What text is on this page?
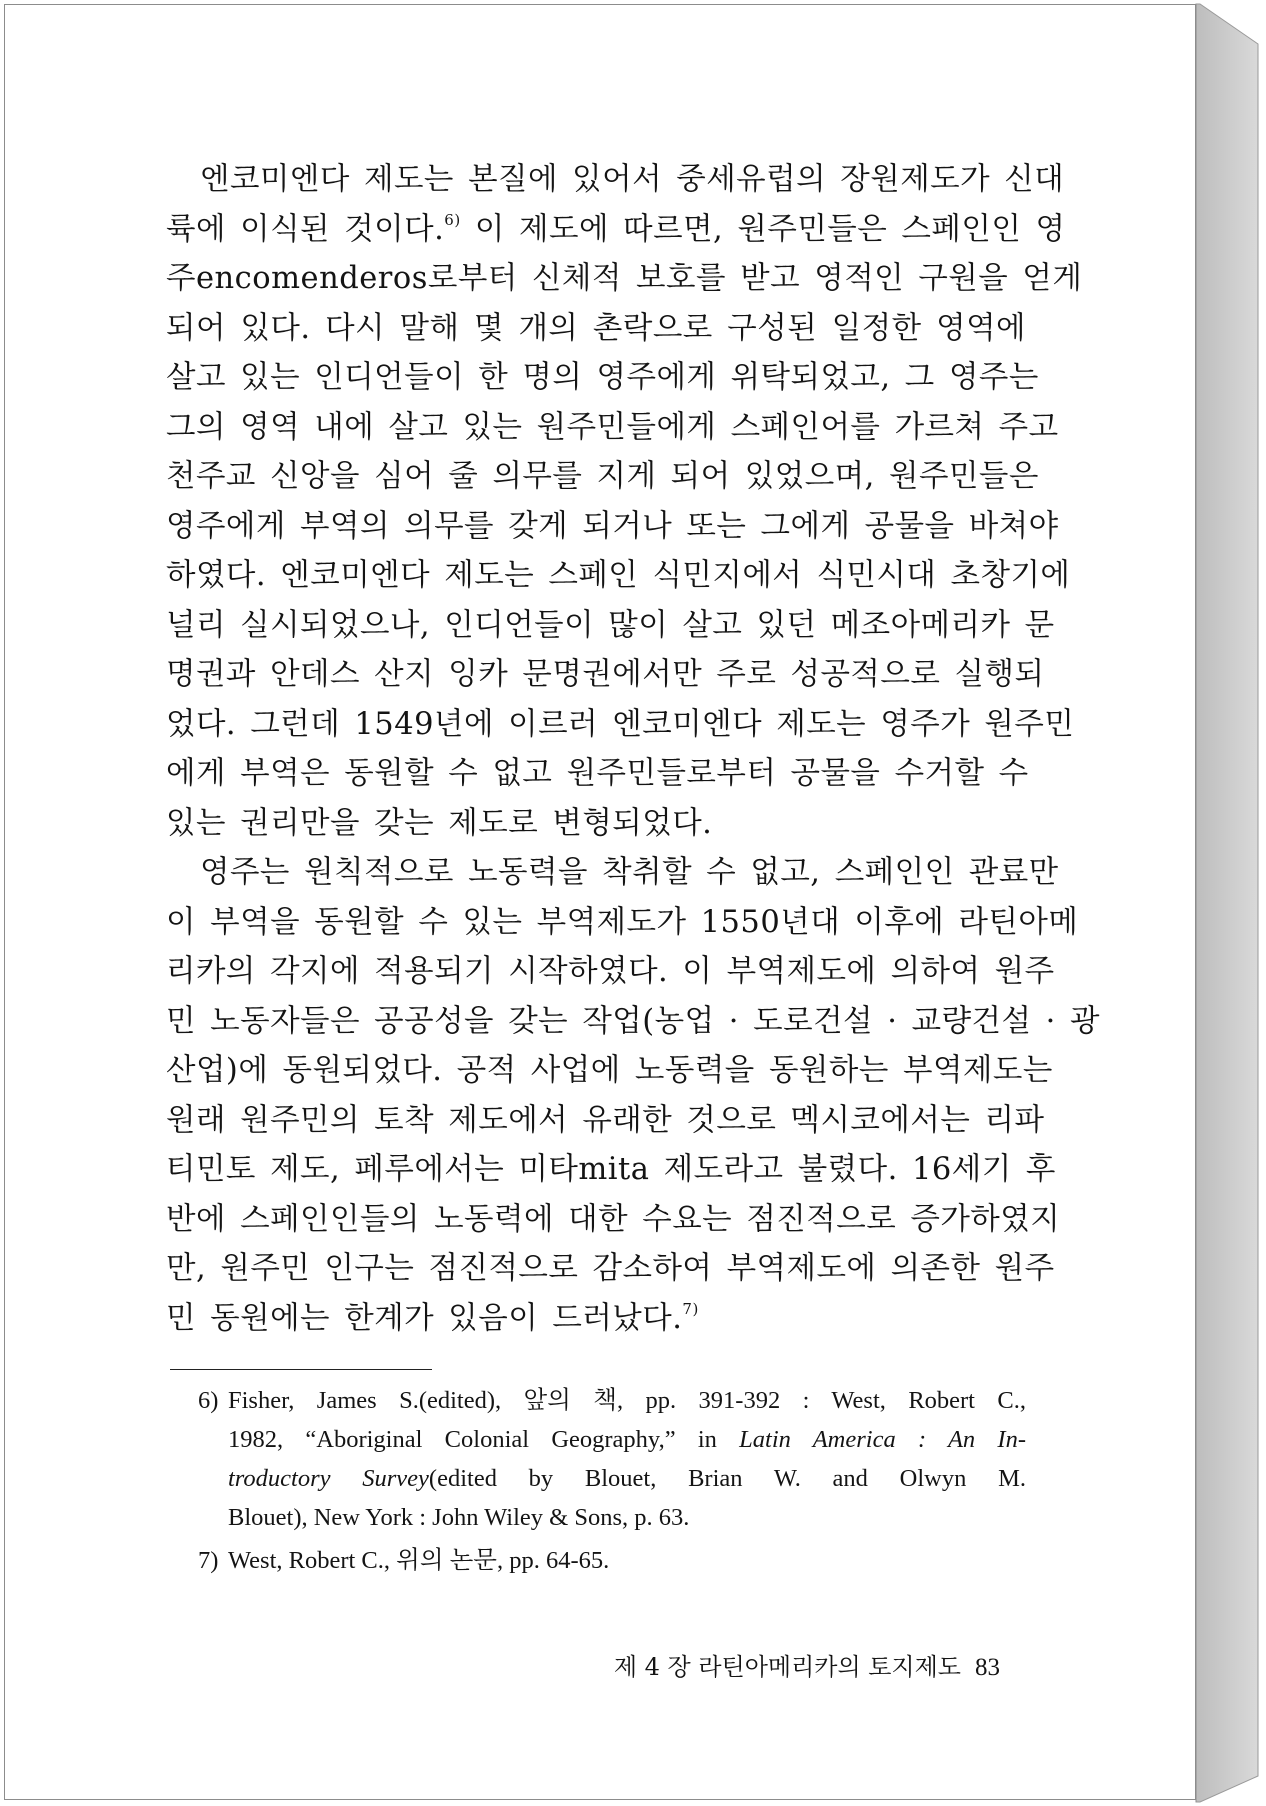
엔코미엔다 제도는 본질에 있어서 중세유럽의 장원제도가 신대
륙에 이식된 것이다.$^{6)}$ 이 제도에 따르면, 원주민들은 스페인인 영
주encomenderos로부터 신체적 보호를 받고 영적인 구원을 얻게
되어 있다. 다시 말해 몇 개의 촌락으로 구성된 일정한 영역에
살고 있는 인디언들이 한 명의 영주에게 위탁되었고, 그 영주는
그의 영역 내에 살고 있는 원주민들에게 스페인어를 가르쳐 주고
천주교 신앙을 심어 줄 의무를 지게 되어 있었으며, 원주민들은
영주에게 부역의 의무를 갖게 되거나 또는 그에게 공물을 바쳐야
하였다. 엔코미엔다 제도는 스페인 식민지에서 식민시대 초창기에
널리 실시되었으나, 인디언들이 많이 살고 있던 메조아메리카 문
명권과 안데스 산지 잉카 문명권에서만 주로 성공적으로 실행되
었다. 그런데 1549년에 이르러 엔코미엔다 제도는 영주가 원주민
에게 부역은 동원할 수 없고 원주민들로부터 공물을 수거할 수
있는 권리만을 갖는 제도로 변형되었다.

영주는 원칙적으로 노동력을 착취할 수 없고, 스페인인 관료만
이 부역을 동원할 수 있는 부역제도가 1550년대 이후에 라틴아메
리카의 각지에 적용되기 시작하였다. 이 부역제도에 의하여 원주
민 노동자들은 공공성을 갖는 작업(농업 · 도로건설 · 교량건설 · 광
산업)에 동원되었다. 공적 사업에 노동력을 동원하는 부역제도는
원래 원주민의 토착 제도에서 유래한 것으로 멕시코에서는 리파
티민토 제도, 페루에서는 미타mita 제도라고 불렸다. 16세기 후
반에 스페인인들의 노동력에 대한 수요는 점진적으로 증가하였지
만, 원주민 인구는 점진적으로 감소하여 부역제도에 의존한 원주
민 동원에는 한계가 있음이 드러났다.$^{7)}$

6) Fisher, James S.(edited), 앞의 책, pp. 391-392 : West, Robert C.,
1982, “Aboriginal Colonial Geography,” in Latin America : An In-
troductory Survey(edited by Blouet, Brian W. and Olwyn M.
Blouet), New York : John Wiley & Sons, p. 63.
7) West, Robert C., 위의 논문, pp. 64-65.
제 4 장 라틴아메리카의 토지제도 83
